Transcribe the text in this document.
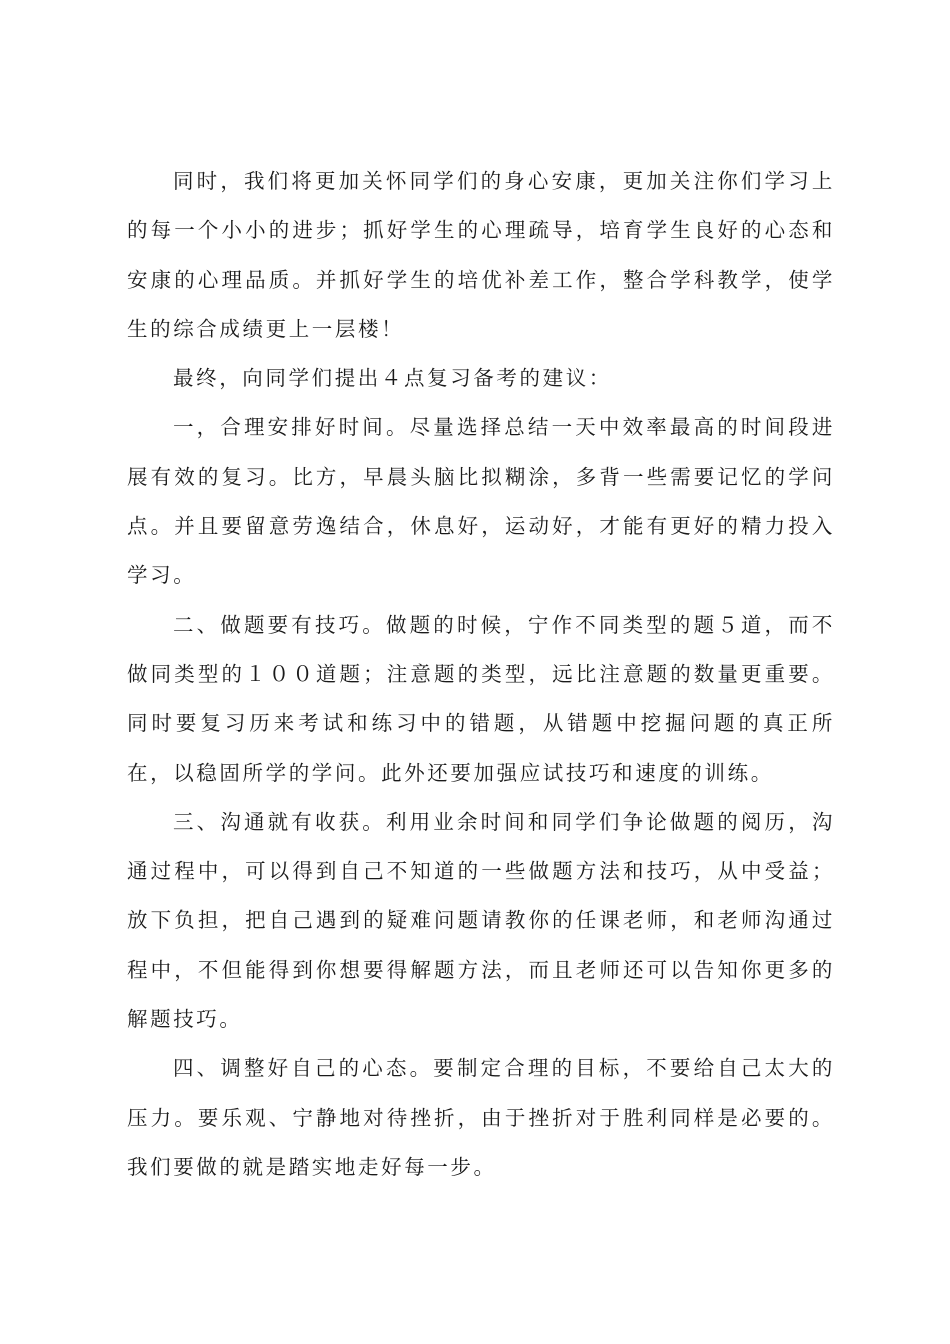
同时，我们将更加关怀同学们的身心安康，更加关注你们学习上的每一个小小的进步；抓好学生的心理疏导，培育学生良好的心态和安康的心理品质。并抓好学生的培优补差工作，整合学科教学，使学生的综合成绩更上一层楼！

最终，向同学们提出４点复习备考的建议：

一，合理安排好时间。尽量选择总结一天中效率最高的时间段进展有效的复习。比方，早晨头脑比拟糊涂，多背一些需要记忆的学问点。并且要留意劳逸结合，休息好，运动好，才能有更好的精力投入学习。

二、做题要有技巧。做题的时候，宁作不同类型的题５道，而不做同类型的１００道题；注意题的类型，远比注意题的数量更重要。同时要复习历来考试和练习中的错题，从错题中挖掘问题的真正所在，以稳固所学的学问。此外还要加强应试技巧和速度的训练。

三、沟通就有收获。利用业余时间和同学们争论做题的阅历，沟通过程中，可以得到自己不知道的一些做题方法和技巧，从中受益；放下负担，把自己遇到的疑难问题请教你的任课老师，和老师沟通过程中，不但能得到你想要得解题方法，而且老师还可以告知你更多的解题技巧。

四、调整好自己的心态。要制定合理的目标，不要给自己太大的压力。要乐观、宁静地对待挫折，由于挫折对于胜利同样是必要的。我们要做的就是踏实地走好每一步。
